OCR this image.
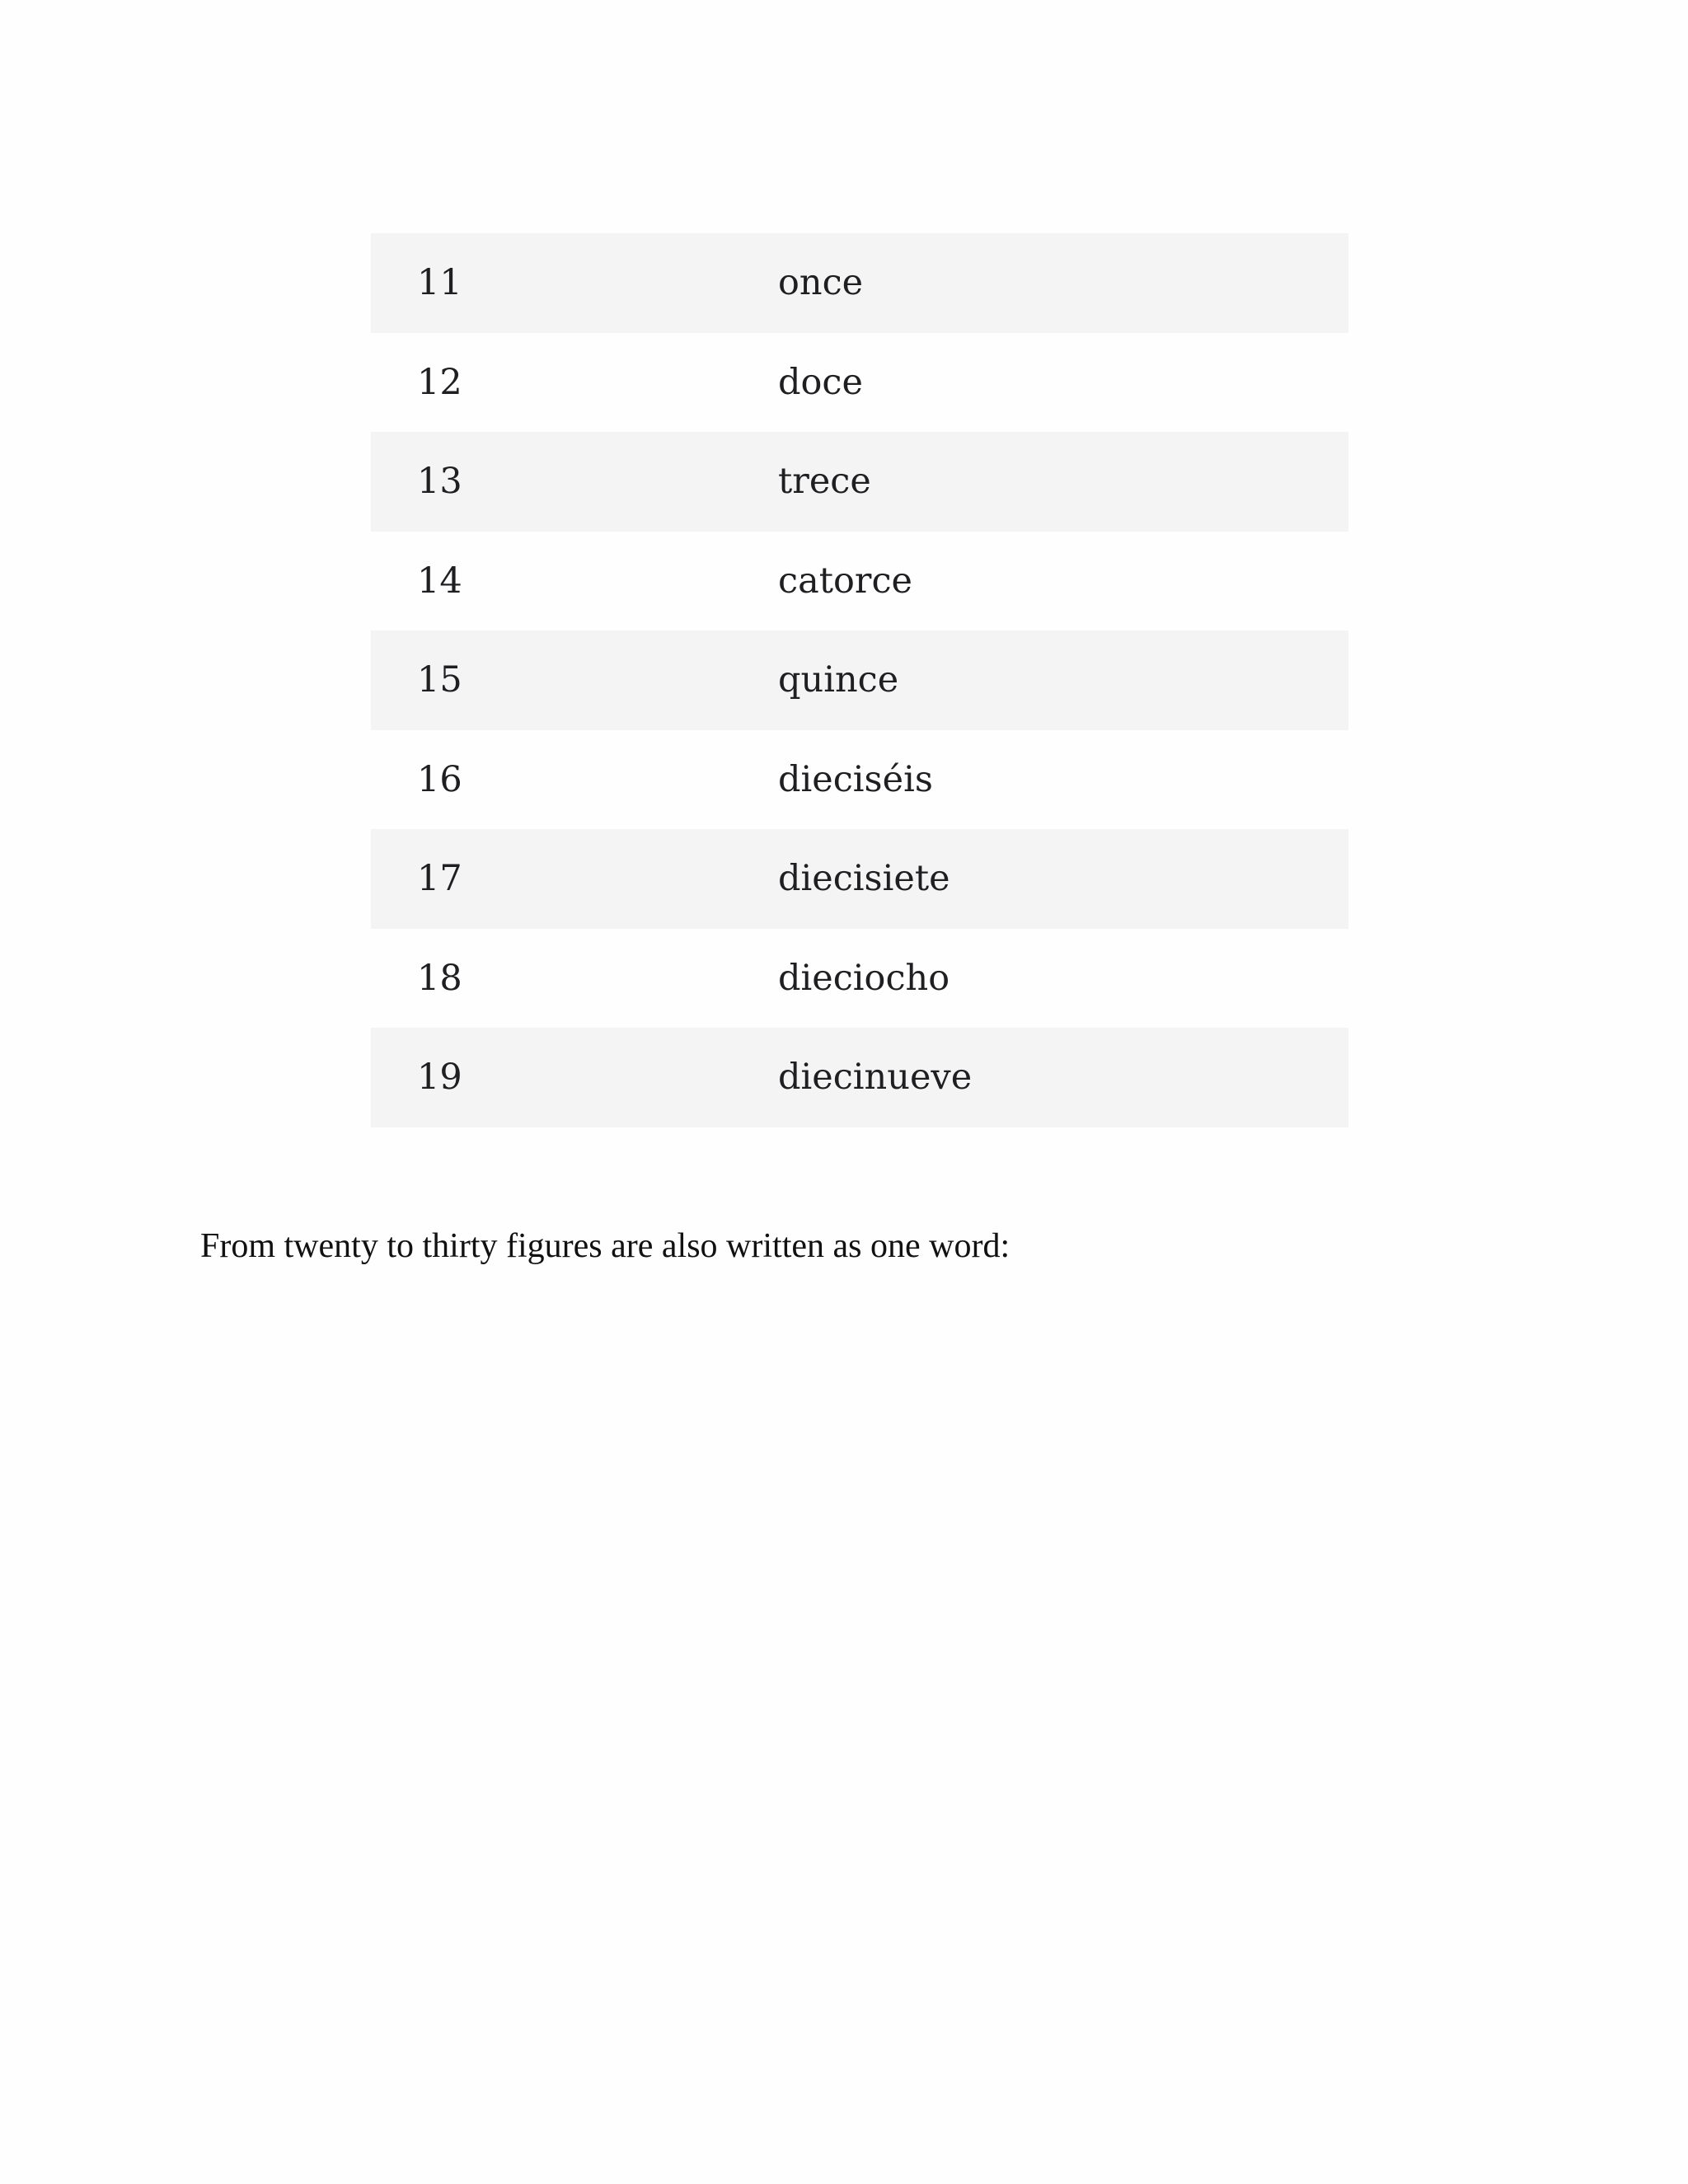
11	once
12	doce
13	trece
14	catorce
15	quince
16	dieciséis
17	diecisiete
18	dieciocho
19	diecinueve

From twenty to thirty figures are also written as one word:
